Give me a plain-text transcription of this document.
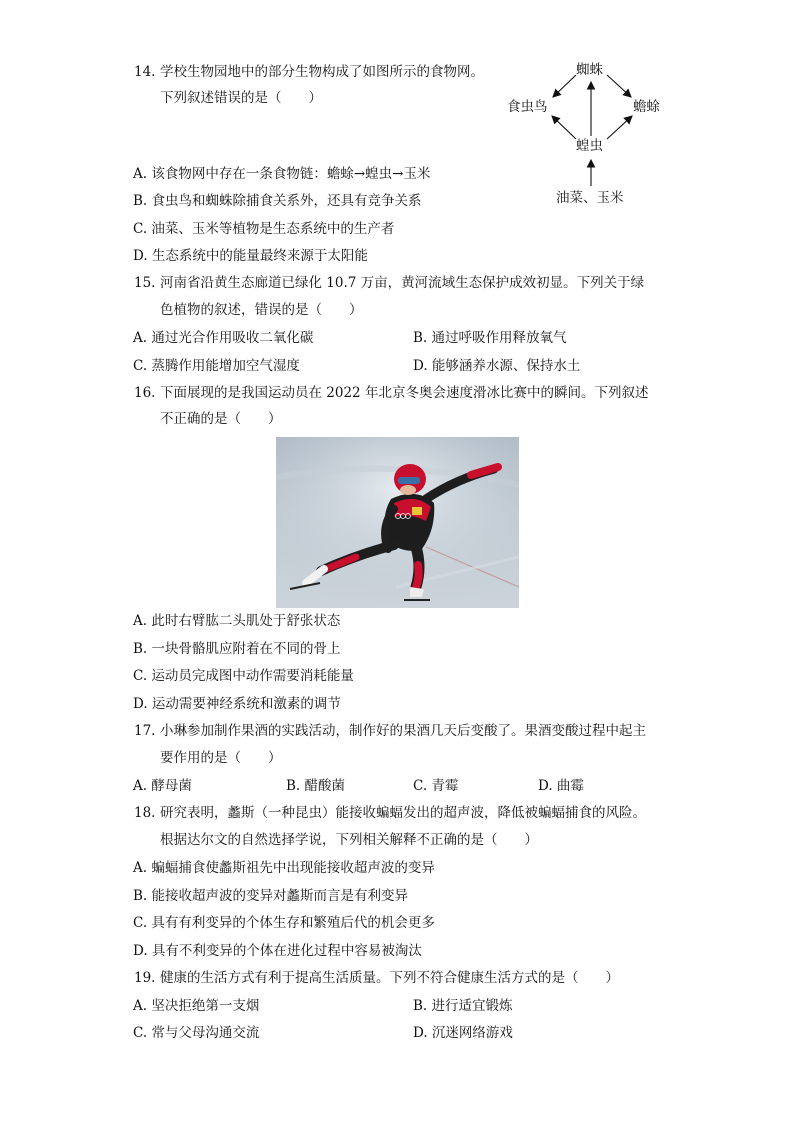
14. 学校生物园地中的部分生物构成了如图所示的食物网。
下列叙述错误的是（　　）
蜘蛛
食虫鸟	蟾蜍
蝗虫
油菜、玉米
A. 该食物网中存在一条食物链：蟾蜍→蝗虫→玉米
B. 食虫鸟和蜘蛛除捕食关系外，还具有竞争关系
C. 油菜、玉米等植物是生态系统中的生产者
D. 生态系统中的能量最终来源于太阳能
15. 河南省沿黄生态廊道已绿化 10.7 万亩，黄河流域生态保护成效初显。下列关于绿
色植物的叙述，错误的是（　　）
A. 通过光合作用吸收二氧化碳	B. 通过呼吸作用释放氧气
C. 蒸腾作用能增加空气湿度	D. 能够涵养水源、保持水土
16. 下面展现的是我国运动员在 2022 年北京冬奥会速度滑冰比赛中的瞬间。下列叙述
不正确的是（　　）
A. 此时右臂肱二头肌处于舒张状态
B. 一块骨骼肌应附着在不同的骨上
C. 运动员完成图中动作需要消耗能量
D. 运动需要神经系统和激素的调节
17. 小琳参加制作果酒的实践活动，制作好的果酒几天后变酸了。果酒变酸过程中起主
要作用的是（　　）
A. 酵母菌	B. 醋酸菌	C. 青霉	D. 曲霉
18. 研究表明，蠡斯（一种昆虫）能接收蝙蝠发出的超声波，降低被蝙蝠捕食的风险。
根据达尔文的自然选择学说，下列相关解释不正确的是（　　）
A. 蝙蝠捕食使蠡斯祖先中出现能接收超声波的变异
B. 能接收超声波的变异对蠡斯而言是有利变异
C. 具有有利变异的个体生存和繁殖后代的机会更多
D. 具有不利变异的个体在进化过程中容易被淘汰
19. 健康的生活方式有利于提高生活质量。下列不符合健康生活方式的是（　　）
A. 坚决拒绝第一支烟	B. 进行适宜锻炼
C. 常与父母沟通交流	D. 沉迷网络游戏
